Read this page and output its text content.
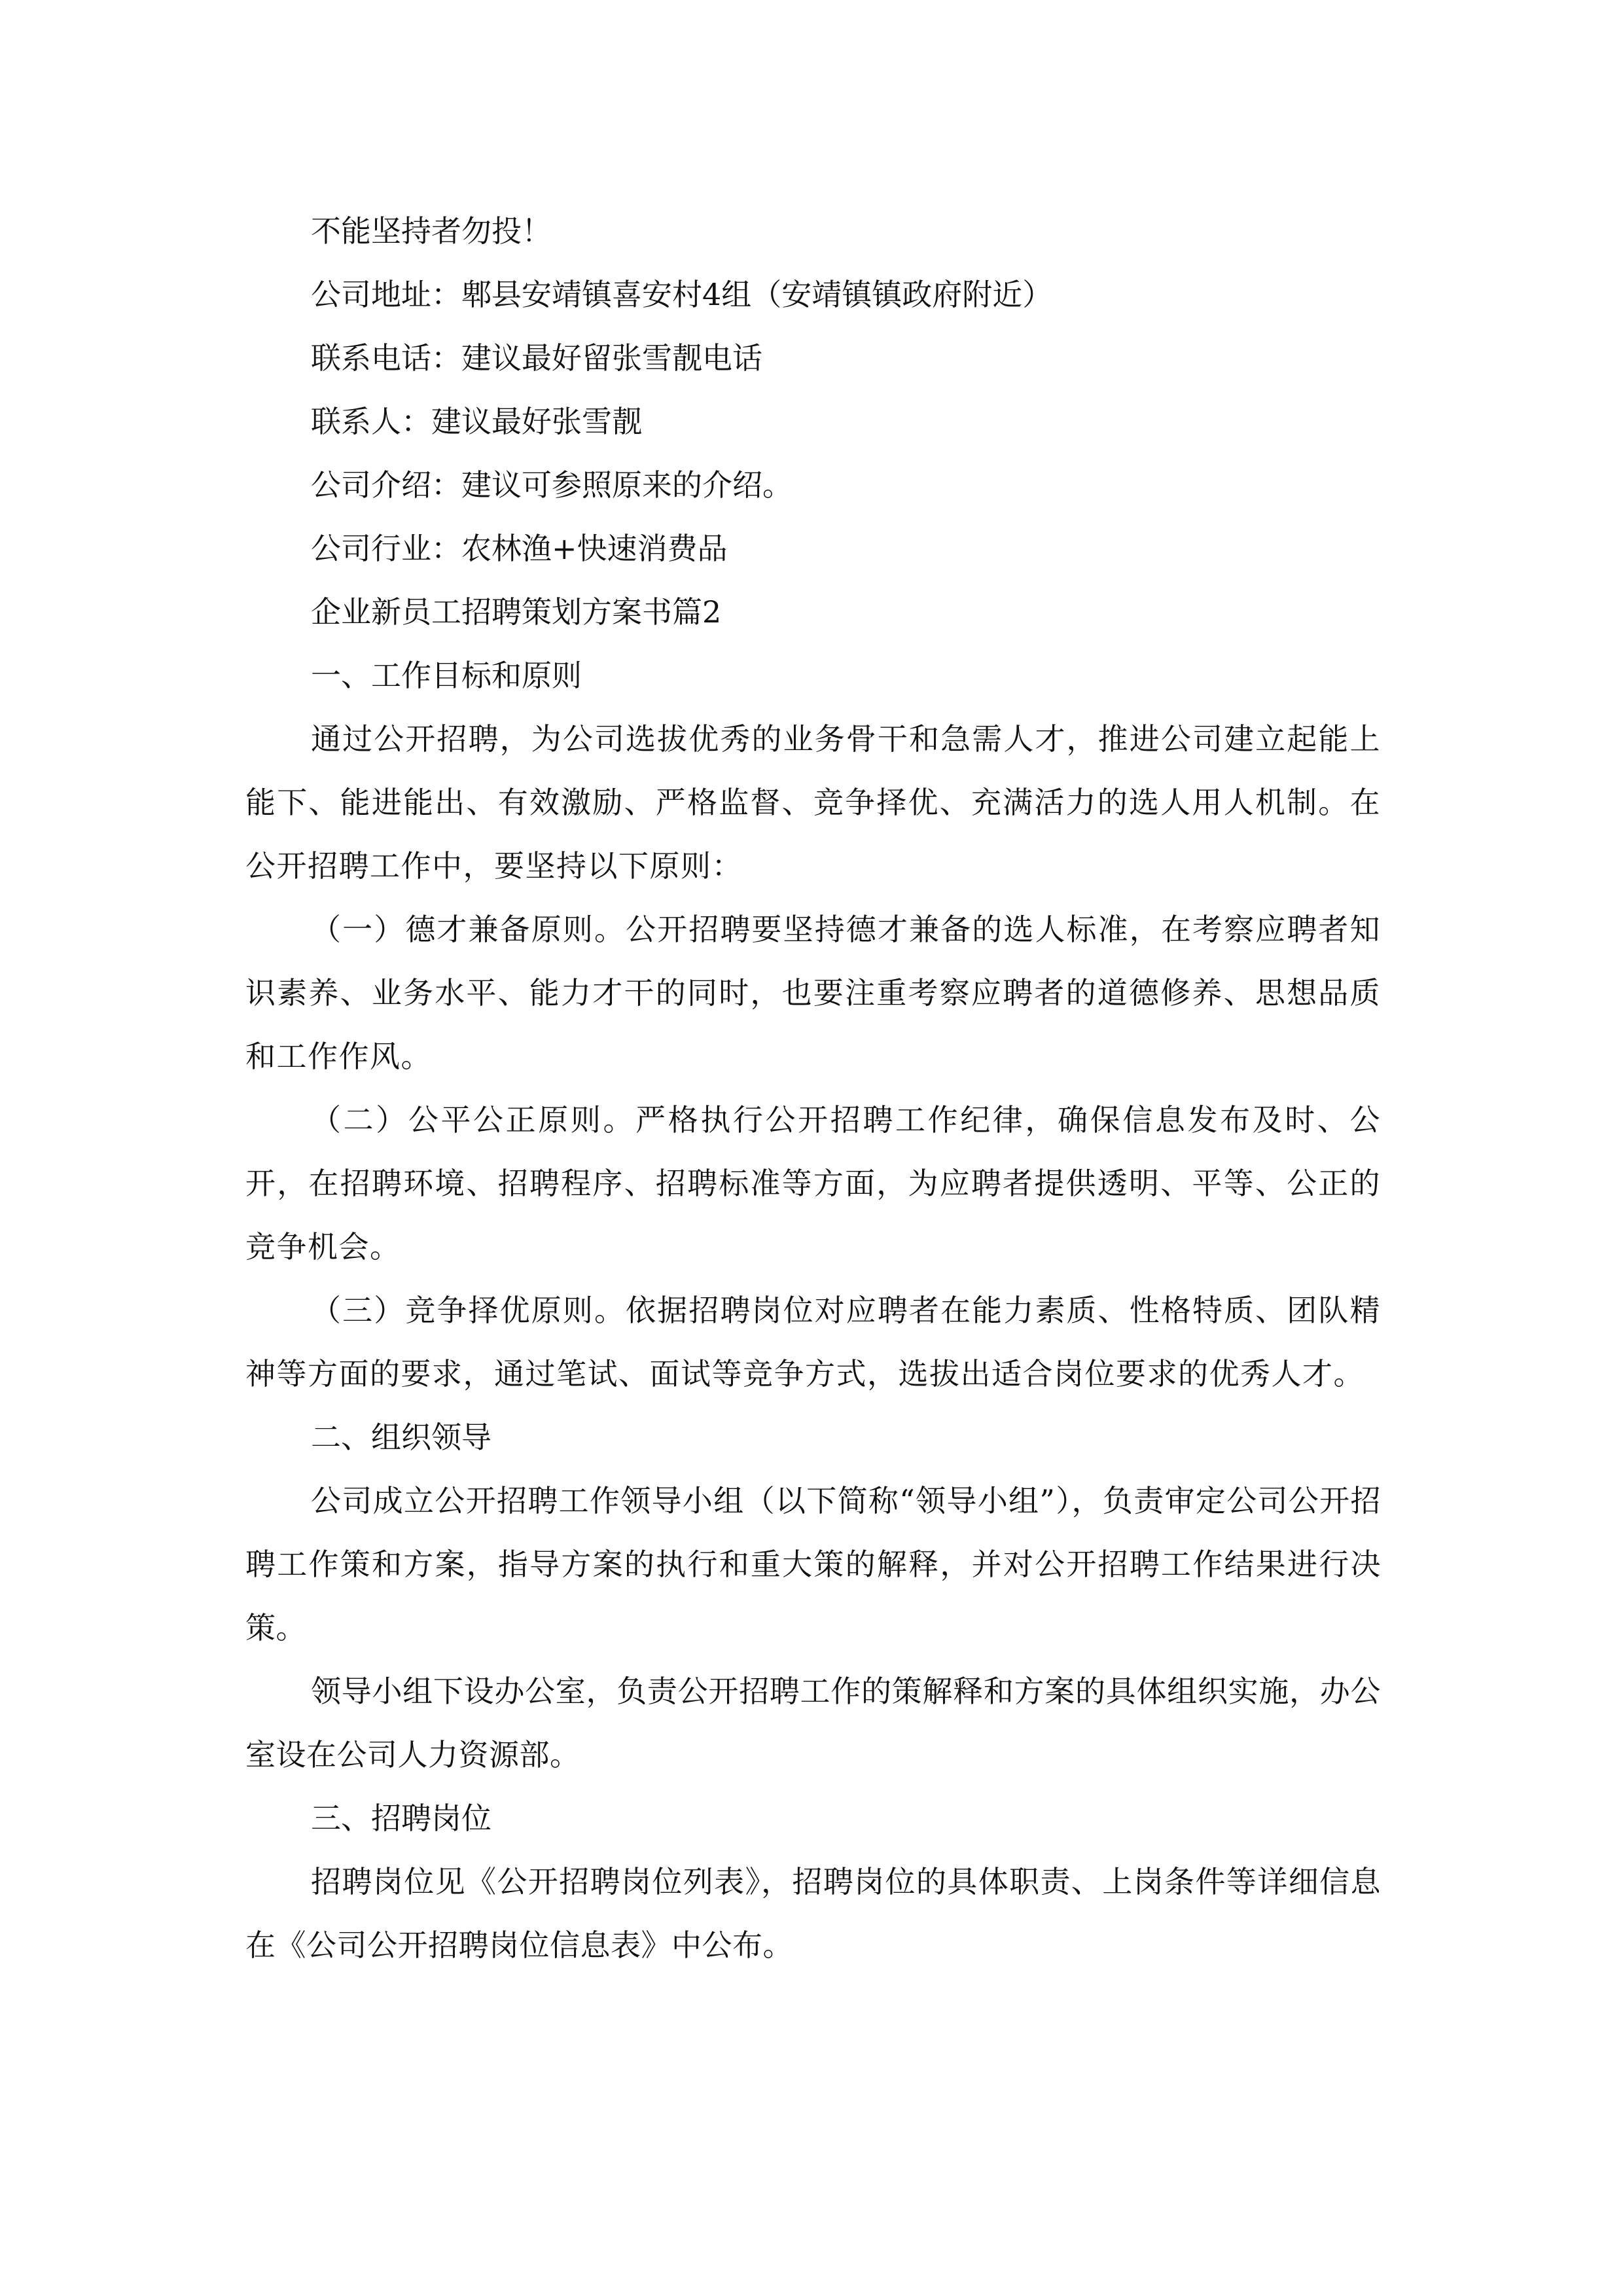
不能坚持者勿投！

公司地址：郫县安靖镇喜安村4组（安靖镇镇政府附近）

联系电话：建议最好留张雪靓电话

联系人：建议最好张雪靓

公司介绍：建议可参照原来的介绍。

公司行业：农林渔+快速消费品

企业新员工招聘策划方案书篇2

一、工作目标和原则

通过公开招聘，为公司选拔优秀的业务骨干和急需人才，推进公司建立起能上能下、能进能出、有效激励、严格监督、竞争择优、充满活力的选人用人机制。在公开招聘工作中，要坚持以下原则：

（一）德才兼备原则。公开招聘要坚持德才兼备的选人标准，在考察应聘者知识素养、业务水平、能力才干的同时，也要注重考察应聘者的道德修养、思想品质和工作作风。

（二）公平公正原则。严格执行公开招聘工作纪律，确保信息发布及时、公开，在招聘环境、招聘程序、招聘标准等方面，为应聘者提供透明、平等、公正的竞争机会。

（三）竞争择优原则。依据招聘岗位对应聘者在能力素质、性格特质、团队精神等方面的要求，通过笔试、面试等竞争方式，选拔出适合岗位要求的优秀人才。

二、组织领导

公司成立公开招聘工作领导小组（以下简称“领导小组”），负责审定公司公开招聘工作策和方案，指导方案的执行和重大策的解释，并对公开招聘工作结果进行决策。

领导小组下设办公室，负责公开招聘工作的策解释和方案的具体组织实施，办公室设在公司人力资源部。

三、招聘岗位

招聘岗位见《公开招聘岗位列表》，招聘岗位的具体职责、上岗条件等详细信息在《公司公开招聘岗位信息表》中公布。
